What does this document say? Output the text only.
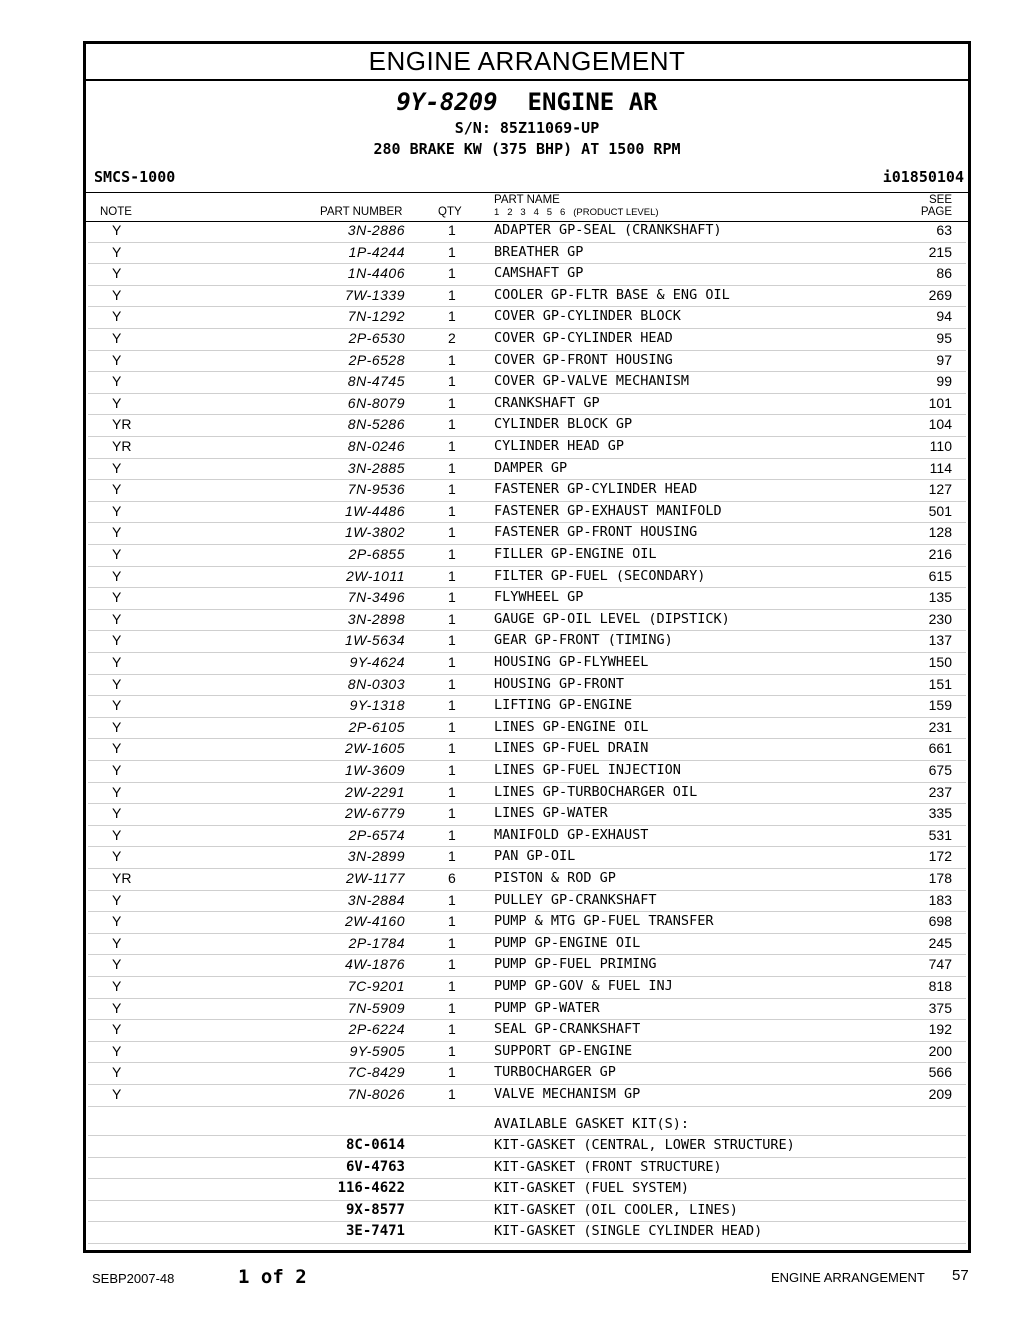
ENGINE ARRANGEMENT
9Y-8209 ENGINE AR
S/N: 85Z11069-UP
280 BRAKE KW (375 BHP) AT 1500 RPM
SMCS-1000	i01850104
NOTE	PART NUMBER	QTY
PART NAME
1   2   3   4   5   6   (PRODUCT LEVEL)
SEE
PAGE
Y	3N-2886	1	ADAPTER GP-SEAL (CRANKSHAFT)	63
Y	1P-4244	1	BREATHER GP	215
Y	1N-4406	1	CAMSHAFT GP	86
Y	7W-1339	1	COOLER GP-FLTR BASE & ENG OIL	269
Y	7N-1292	1	COVER GP-CYLINDER BLOCK	94
Y	2P-6530	2	COVER GP-CYLINDER HEAD	95
Y	2P-6528	1	COVER GP-FRONT HOUSING	97
Y	8N-4745	1	COVER GP-VALVE MECHANISM	99
Y	6N-8079	1	CRANKSHAFT GP	101
YR	8N-5286	1	CYLINDER BLOCK GP	104
YR	8N-0246	1	CYLINDER HEAD GP	110
Y	3N-2885	1	DAMPER GP	114
Y	7N-9536	1	FASTENER GP-CYLINDER HEAD	127
Y	1W-4486	1	FASTENER GP-EXHAUST MANIFOLD	501
Y	1W-3802	1	FASTENER GP-FRONT HOUSING	128
Y	2P-6855	1	FILLER GP-ENGINE OIL	216
Y	2W-1011	1	FILTER GP-FUEL (SECONDARY)	615
Y	7N-3496	1	FLYWHEEL GP	135
Y	3N-2898	1	GAUGE GP-OIL LEVEL (DIPSTICK)	230
Y	1W-5634	1	GEAR GP-FRONT (TIMING)	137
Y	9Y-4624	1	HOUSING GP-FLYWHEEL	150
Y	8N-0303	1	HOUSING GP-FRONT	151
Y	9Y-1318	1	LIFTING GP-ENGINE	159
Y	2P-6105	1	LINES GP-ENGINE OIL	231
Y	2W-1605	1	LINES GP-FUEL DRAIN	661
Y	1W-3609	1	LINES GP-FUEL INJECTION	675
Y	2W-2291	1	LINES GP-TURBOCHARGER OIL	237
Y	2W-6779	1	LINES GP-WATER	335
Y	2P-6574	1	MANIFOLD GP-EXHAUST	531
Y	3N-2899	1	PAN GP-OIL	172
YR	2W-1177	6	PISTON & ROD GP	178
Y	3N-2884	1	PULLEY GP-CRANKSHAFT	183
Y	2W-4160	1	PUMP & MTG GP-FUEL TRANSFER	698
Y	2P-1784	1	PUMP GP-ENGINE OIL	245
Y	4W-1876	1	PUMP GP-FUEL PRIMING	747
Y	7C-9201	1	PUMP GP-GOV & FUEL INJ	818
Y	7N-5909	1	PUMP GP-WATER	375
Y	2P-6224	1	SEAL GP-CRANKSHAFT	192
Y	9Y-5905	1	SUPPORT GP-ENGINE	200
Y	7C-8429	1	TURBOCHARGER GP	566
Y	7N-8026	1	VALVE MECHANISM GP	209
AVAILABLE GASKET KIT(S):
8C-0614	KIT-GASKET (CENTRAL, LOWER STRUCTURE)
6V-4763	KIT-GASKET (FRONT STRUCTURE)
116-4622	KIT-GASKET (FUEL SYSTEM)
9X-8577	KIT-GASKET (OIL COOLER, LINES)
3E-7471	KIT-GASKET (SINGLE CYLINDER HEAD)
SEBP2007-48	1 of 2	ENGINE ARRANGEMENT 57
